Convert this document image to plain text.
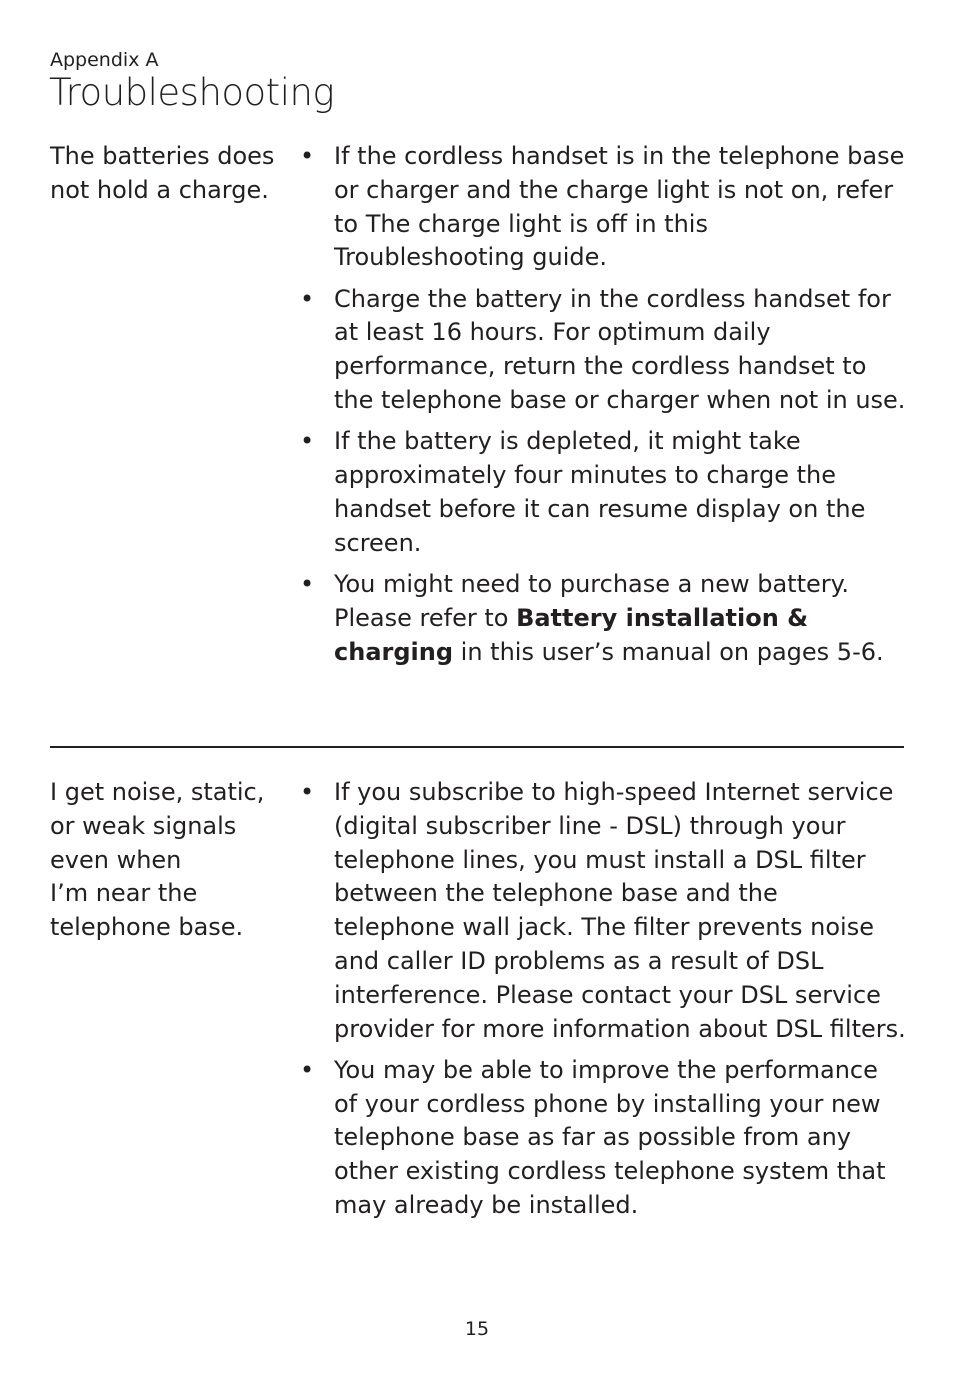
Appendix A
Troubleshooting
The batteries does
not hold a charge.
• If the cordless handset is in the telephone base or charger and the charge light is not on, refer to The charge light is off in this Troubleshooting guide.
• Charge the battery in the cordless handset for at least 16 hours. For optimum daily performance, return the cordless handset to the telephone base or charger when not in use.
• If the battery is depleted, it might take approximately four minutes to charge the handset before it can resume display on the screen.
• You might need to purchase a new battery. Please refer to Battery installation & charging in this user’s manual on pages 5-6.
I get noise, static,
or weak signals
even when
I’m near the
telephone base.
• If you subscribe to high-speed Internet service (digital subscriber line - DSL) through your telephone lines, you must install a DSL filter between the telephone base and the telephone wall jack. The filter prevents noise and caller ID problems as a result of DSL interference. Please contact your DSL service provider for more information about DSL filters.
• You may be able to improve the performance of your cordless phone by installing your new telephone base as far as possible from any other existing cordless telephone system that may already be installed.
15
